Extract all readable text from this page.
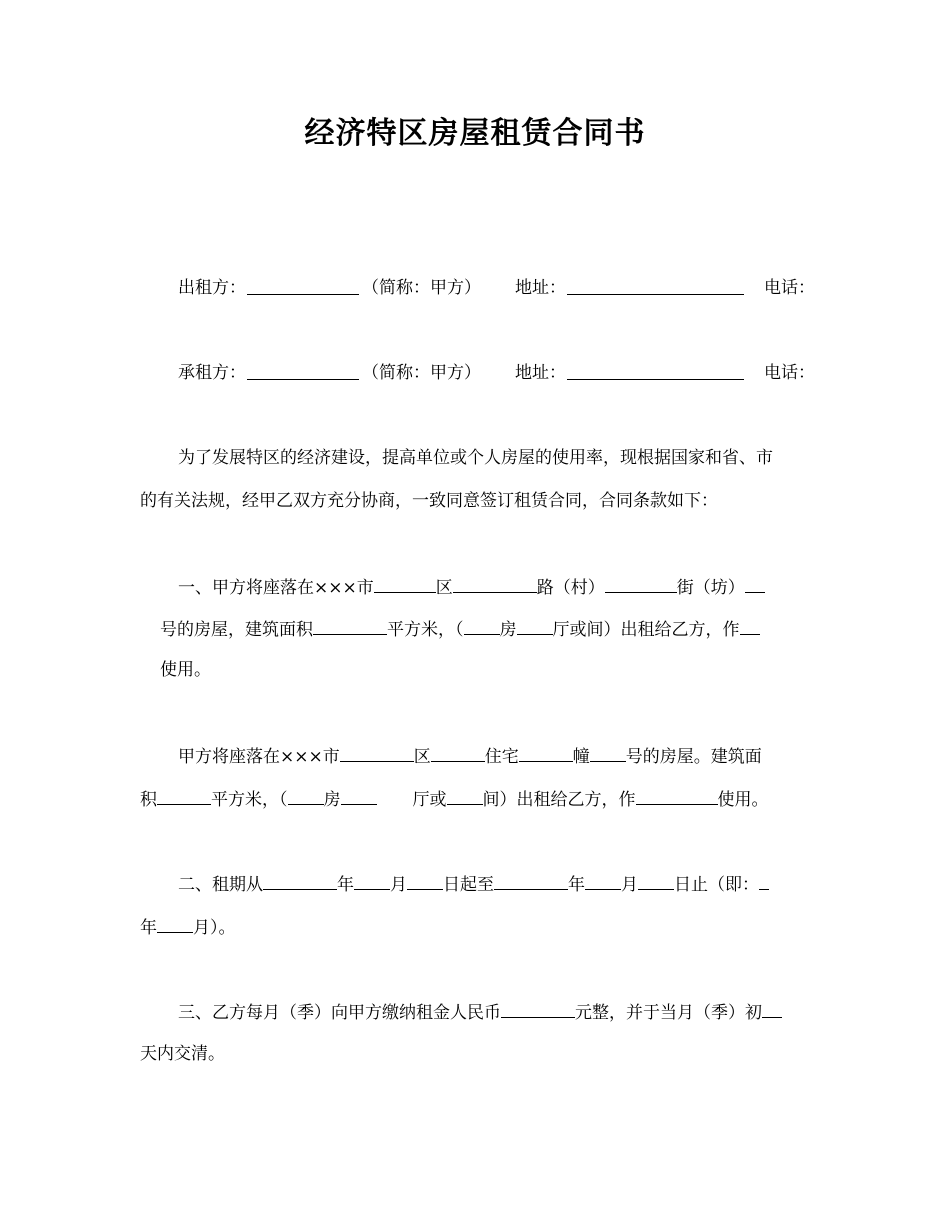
经济特区房屋租赁合同书
出租方：	（简称：甲方） 地址：	电话：
承租方：	（简称：甲方） 地址：	电话：
为了发展特区的经济建设，提高单位或个人房屋的使用率，现根据国家和省、市
的有关法规，经甲乙双方充分协商，一致同意签订租赁合同，合同条款如下：
一、甲方将座落在×××市	区	路（村）	街（坊）
号的房屋，建筑面积	平方米，（ 房 厅或间）出租给乙方，作
使用。
甲方将座落在×××市	区	住宅	幢 号的房屋。建筑面
积	平方米，（ 房	厅或 间）出租给乙方，作	使用。
二、租期从	年 月 日起至	年 月 日止（即：
年 月）。
三、乙方每月（季）向甲方缴纳租金人民币	元整，并于当月（季）初
天内交清。
